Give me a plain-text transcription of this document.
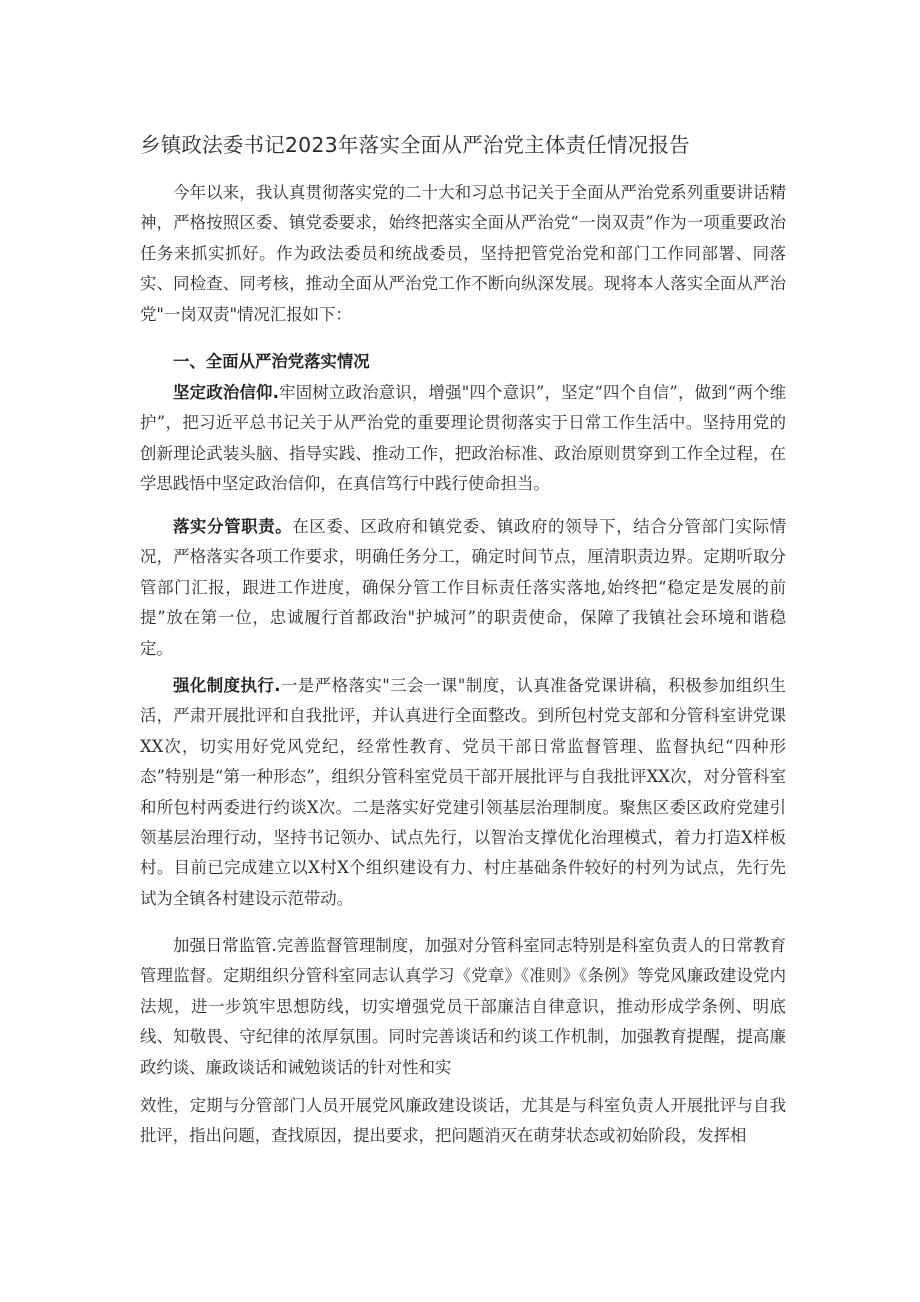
乡镇政法委书记2023年落实全面从严治党主体责任情况报告

今年以来，我认真贯彻落实党的二十大和习总书记关于全面从严治党系列重要讲话精神，严格按照区委、镇党委要求，始终把落实全面从严治党“一岗双责”作为一项重要政治任务来抓实抓好。作为政法委员和统战委员，坚持把管党治党和部门工作同部署、同落实、同检查、同考核，推动全面从严治党工作不断向纵深发展。现将本人落实全面从严治党"一岗双责"情况汇报如下：

一、全面从严治党落实情况

坚定政治信仰.牢固树立政治意识，增强"四个意识”，坚定“四个自信”，做到“两个维护”，把习近平总书记关于从严治党的重要理论贯彻落实于日常工作生活中。坚持用党的创新理论武装头脑、指导实践、推动工作，把政治标准、政治原则贯穿到工作全过程，在学思践悟中坚定政治信仰，在真信笃行中践行使命担当。

落实分管职责。在区委、区政府和镇党委、镇政府的领导下，结合分管部门实际情况，严格落实各项工作要求，明确任务分工，确定时间节点，厘清职责边界。定期听取分管部门汇报，跟进工作进度，确保分管工作目标责任落实落地,始终把“稳定是发展的前提”放在第一位，忠诚履行首都政治"护城河”的职责使命，保障了我镇社会环境和谐稳定。

强化制度执行.一是严格落实"三会一课"制度，认真准备党课讲稿，积极参加组织生活，严肃开展批评和自我批评，并认真进行全面整改。到所包村党支部和分管科室讲党课XX次，切实用好党风党纪，经常性教育、党员干部日常监督管理、监督执纪“四种形态”特别是“第一种形态”，组织分管科室党员干部开展批评与自我批评XX次，对分管科室和所包村两委进行约谈X次。二是落实好党建引领基层治理制度。聚焦区委区政府党建引领基层治理行动，坚持书记领办、试点先行，以智治支撑优化治理模式，着力打造X样板村。目前已完成建立以X村X个组织建设有力、村庄基础条件较好的村列为试点，先行先试为全镇各村建设示范带动。

加强日常监管.完善监督管理制度，加强对分管科室同志特别是科室负责人的日常教育管理监督。定期组织分管科室同志认真学习《党章》《准则》《条例》等党风廉政建设党内法规，进一步筑牢思想防线，切实增强党员干部廉洁自律意识，推动形成学条例、明底线、知敬畏、守纪律的浓厚氛围。同时完善谈话和约谈工作机制，加强教育提醒，提高廉政约谈、廉政谈话和诫勉谈话的针对性和实

效性，定期与分管部门人员开展党风廉政建设谈话，尤其是与科室负责人开展批评与自我批评，指出问题，查找原因，提出要求，把问题消灭在萌芽状态或初始阶段，发挥相
